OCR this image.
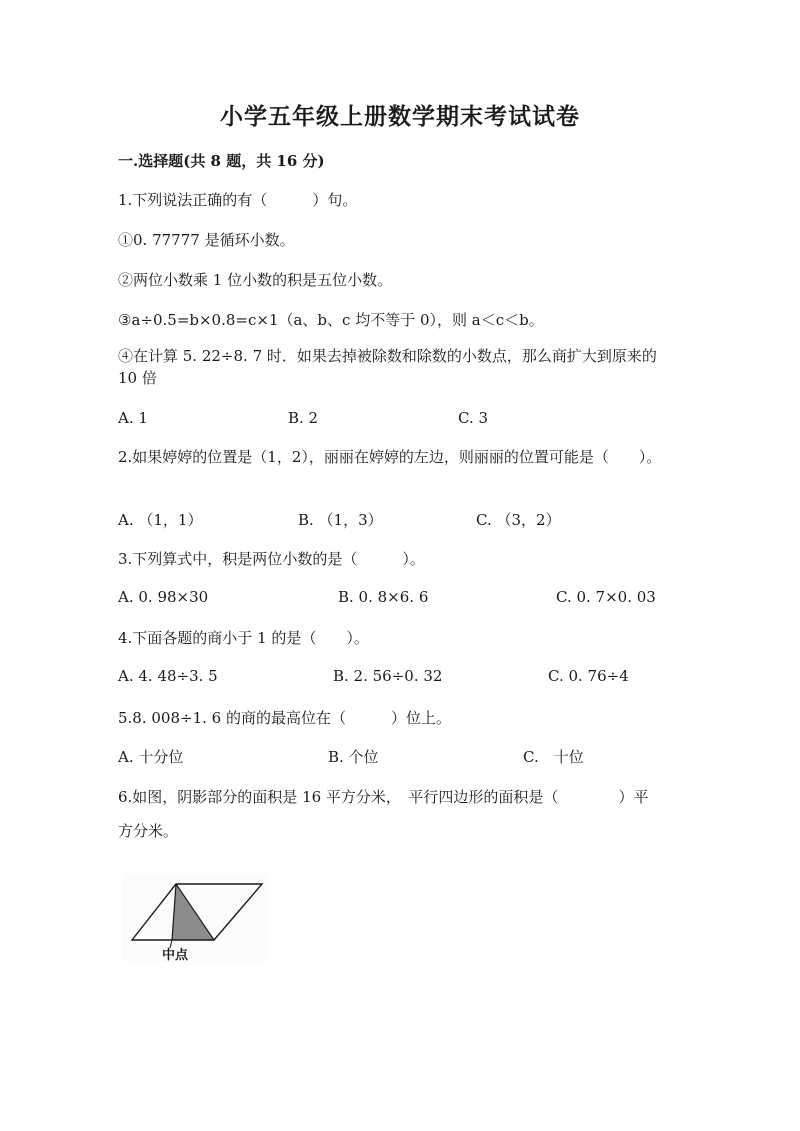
小学五年级上册数学期末考试试卷
一.选择题(共 8 题，共 16 分)
1.下列说法正确的有（　　　）句。
①0. 77777 是循环小数。
②两位小数乘 1 位小数的积是五位小数。
③a÷0.5=b×0.8=c×1（a、b、c 均不等于 0），则 a＜c＜b。
④在计算 5. 22÷8. 7 时．如果去掉被除数和除数的小数点，那么商扩大到原来的 10 倍
A. 1	B. 2	C. 3
2.如果婷婷的位置是（1，2），丽丽在婷婷的左边，则丽丽的位置可能是（　　）。
A. （1，1）	B. （1，3）	C. （3，2）
3.下列算式中，积是两位小数的是（　　　）。
A. 0. 98×30	B. 0. 8×6. 6	C. 0. 7×0. 03
4.下面各题的商小于 1 的是（　　）。
A. 4. 48÷3. 5	B. 2. 56÷0. 32	C. 0. 76÷4
5.8. 008÷1. 6 的商的最高位在（　　　）位上。
A. 十分位	B. 个位	C.　十位
6.如图，阴影部分的面积是 16 平方分米，　平行四边形的面积是（　　　　）平
方分米。
中点
